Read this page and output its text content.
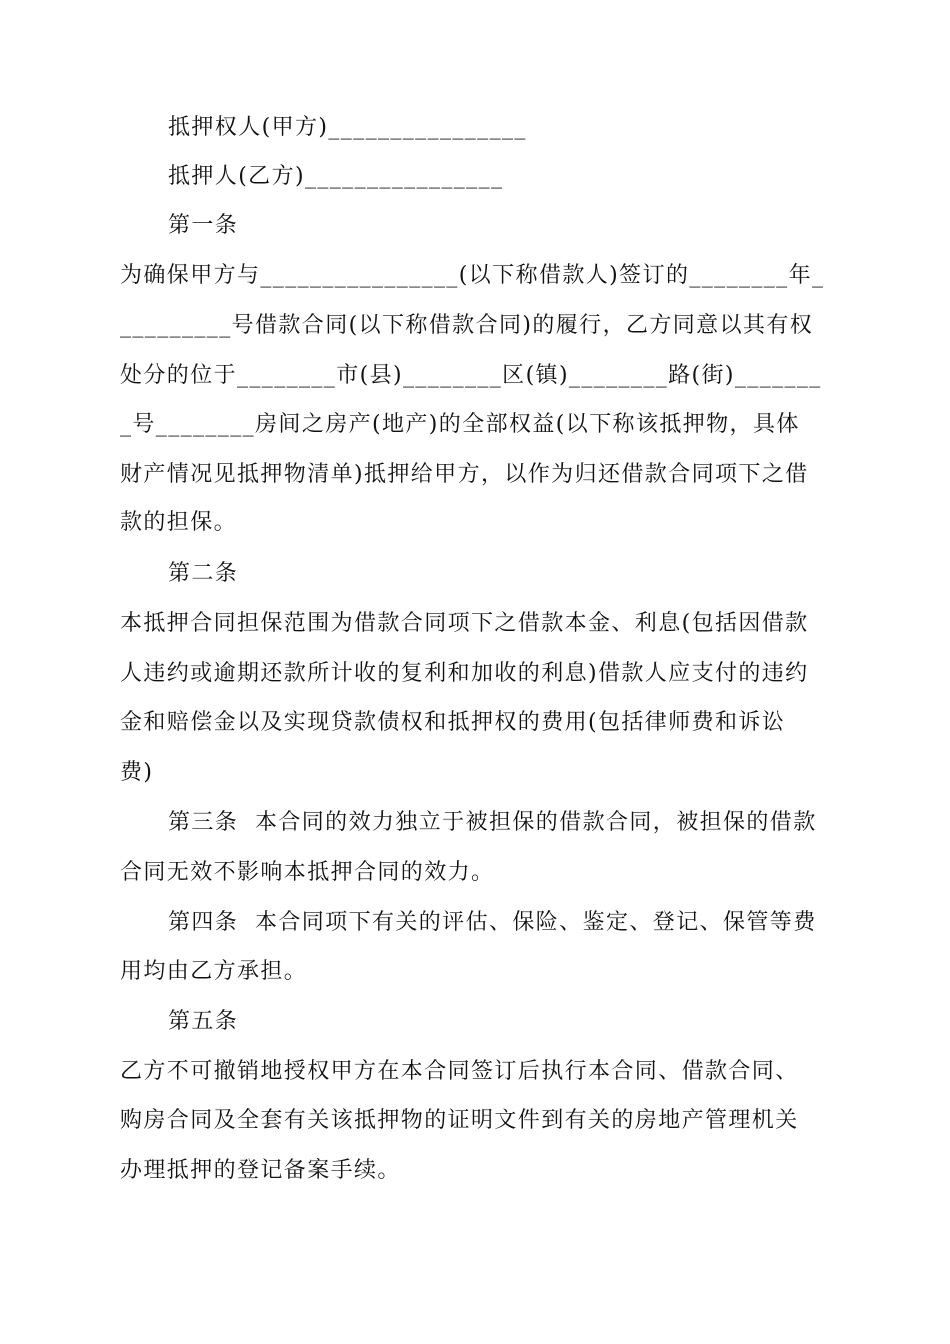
抵押权人(甲方)________________
抵押人(乙方)________________
第一条
为确保甲方与________________(以下称借款人)签订的________年_
_________号借款合同(以下称借款合同)的履行，乙方同意以其有权
处分的位于________市(县)________区(镇)________路(街)_______
_号________房间之房产(地产)的全部权益(以下称该抵押物，具体
财产情况见抵押物清单)抵押给甲方，以作为归还借款合同项下之借
款的担保。
第二条
本抵押合同担保范围为借款合同项下之借款本金、利息(包括因借款
人违约或逾期还款所计收的复利和加收的利息)借款人应支付的违约
金和赔偿金以及实现贷款债权和抵押权的费用(包括律师费和诉讼
费)
第三条  本合同的效力独立于被担保的借款合同，被担保的借款
合同无效不影响本抵押合同的效力。
第四条  本合同项下有关的评估、保险、鉴定、登记、保管等费
用均由乙方承担。
第五条
乙方不可撤销地授权甲方在本合同签订后执行本合同、借款合同、
购房合同及全套有关该抵押物的证明文件到有关的房地产管理机关
办理抵押的登记备案手续。
